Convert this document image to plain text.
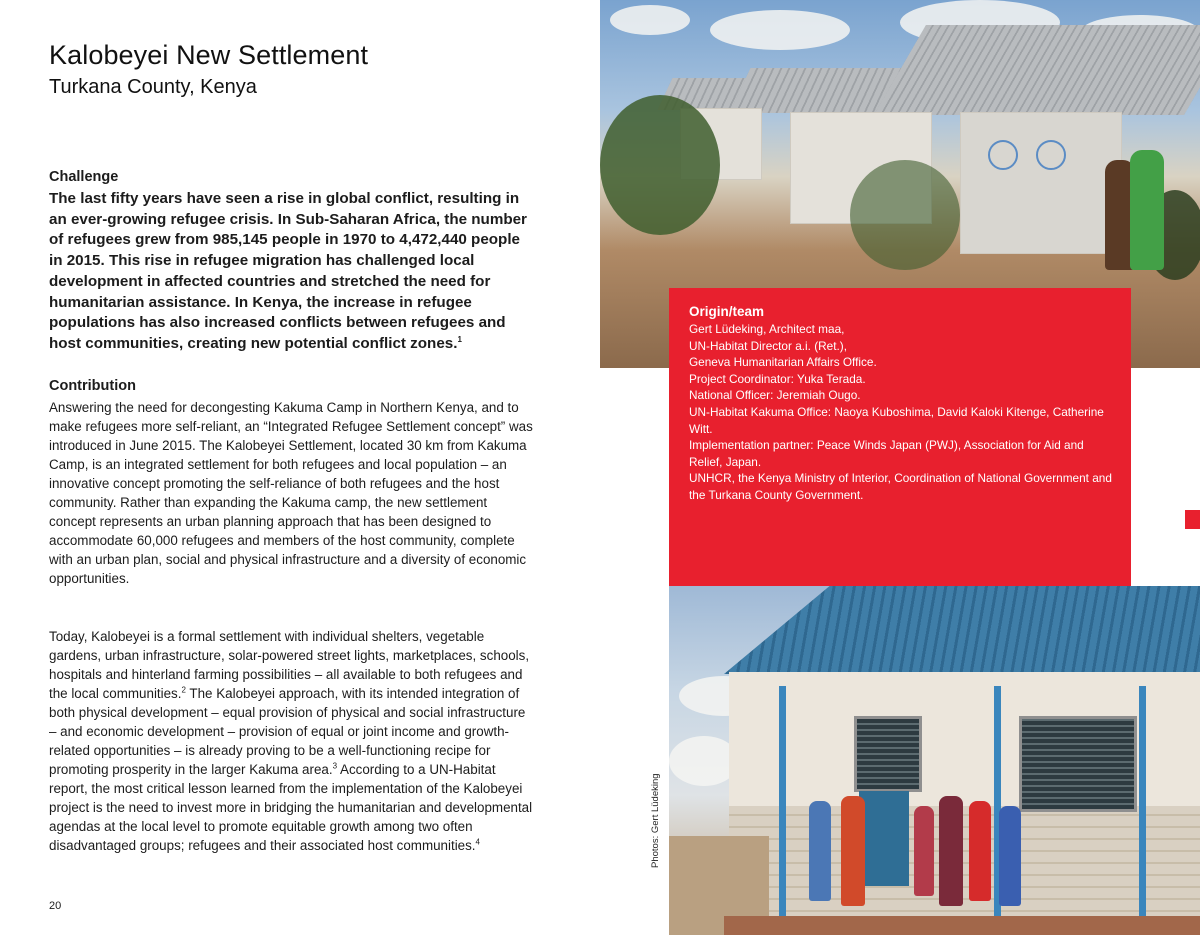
Kalobeyei New Settlement
Turkana County, Kenya
Challenge

The last fifty years have seen a rise in global conflict, resulting in an ever-growing refugee crisis. In Sub-Saharan Africa, the number of refugees grew from 985,145 people in 1970 to 4,472,440 people in 2015. This rise in refugee migration has challenged local development in affected countries and stretched the need for humanitarian assistance. In Kenya, the increase in refugee populations has also increased conflicts between refugees and host communities, creating new potential conflict zones.$^1$

Contribution

Answering the need for decongesting Kakuma Camp in Northern Kenya, and to make refugees more self-reliant, an “Integrated Refugee Settlement concept” was introduced in June 2015. The Kalobeyei Settlement, located 30 km from Kakuma Camp, is an integrated settlement for both refugees and local population – an innovative concept promoting the self-reliance of both refugees and the host community. Rather than expanding the Kakuma camp, the new settlement concept represents an urban planning approach that has been designed to accommodate 60,000 refugees and members of the host community, complete with an urban plan, social and physical infrastructure and a diversity of economic opportunities.

Today, Kalobeyei is a formal settlement with individual shelters, vegetable gardens, urban infrastructure, solar-powered street lights, marketplaces, schools, hospitals and hinterland farming possibilities – all available to both refugees and the local communities.$^2$ The Kalobeyei approach, with its intended integration of both physical development – equal provision of physical and social infrastructure – and economic development – provision of equal or joint income and growth-related opportunities – is already proving to be a well-functioning recipe for promoting prosperity in the larger Kakuma area.$^3$ According to a UN-Habitat report, the most critical lesson learned from the implementation of the Kalobeyei project is the need to invest more in bridging the humanitarian and developmental agendas at the local level to promote equitable growth among two often disadvantaged groups; refugees and their associated host communities.$^4$

20
Origin/team
Gert Lüdeking, Architect maa,
UN-Habitat Director a.i. (Ret.),
Geneva Humanitarian Affairs Office.
Project Coordinator: Yuka Terada.
National Officer: Jeremiah Ougo.
UN-Habitat Kakuma Office: Naoya Kuboshima, David Kaloki Kitenge, Catherine Witt.
Implementation partner: Peace Winds Japan (PWJ), Association for Aid and Relief, Japan.
UNHCR, the Kenya Ministry of Interior, Coordination of National Government and the Turkana County Government.
Photos: Gert Lüdeking
